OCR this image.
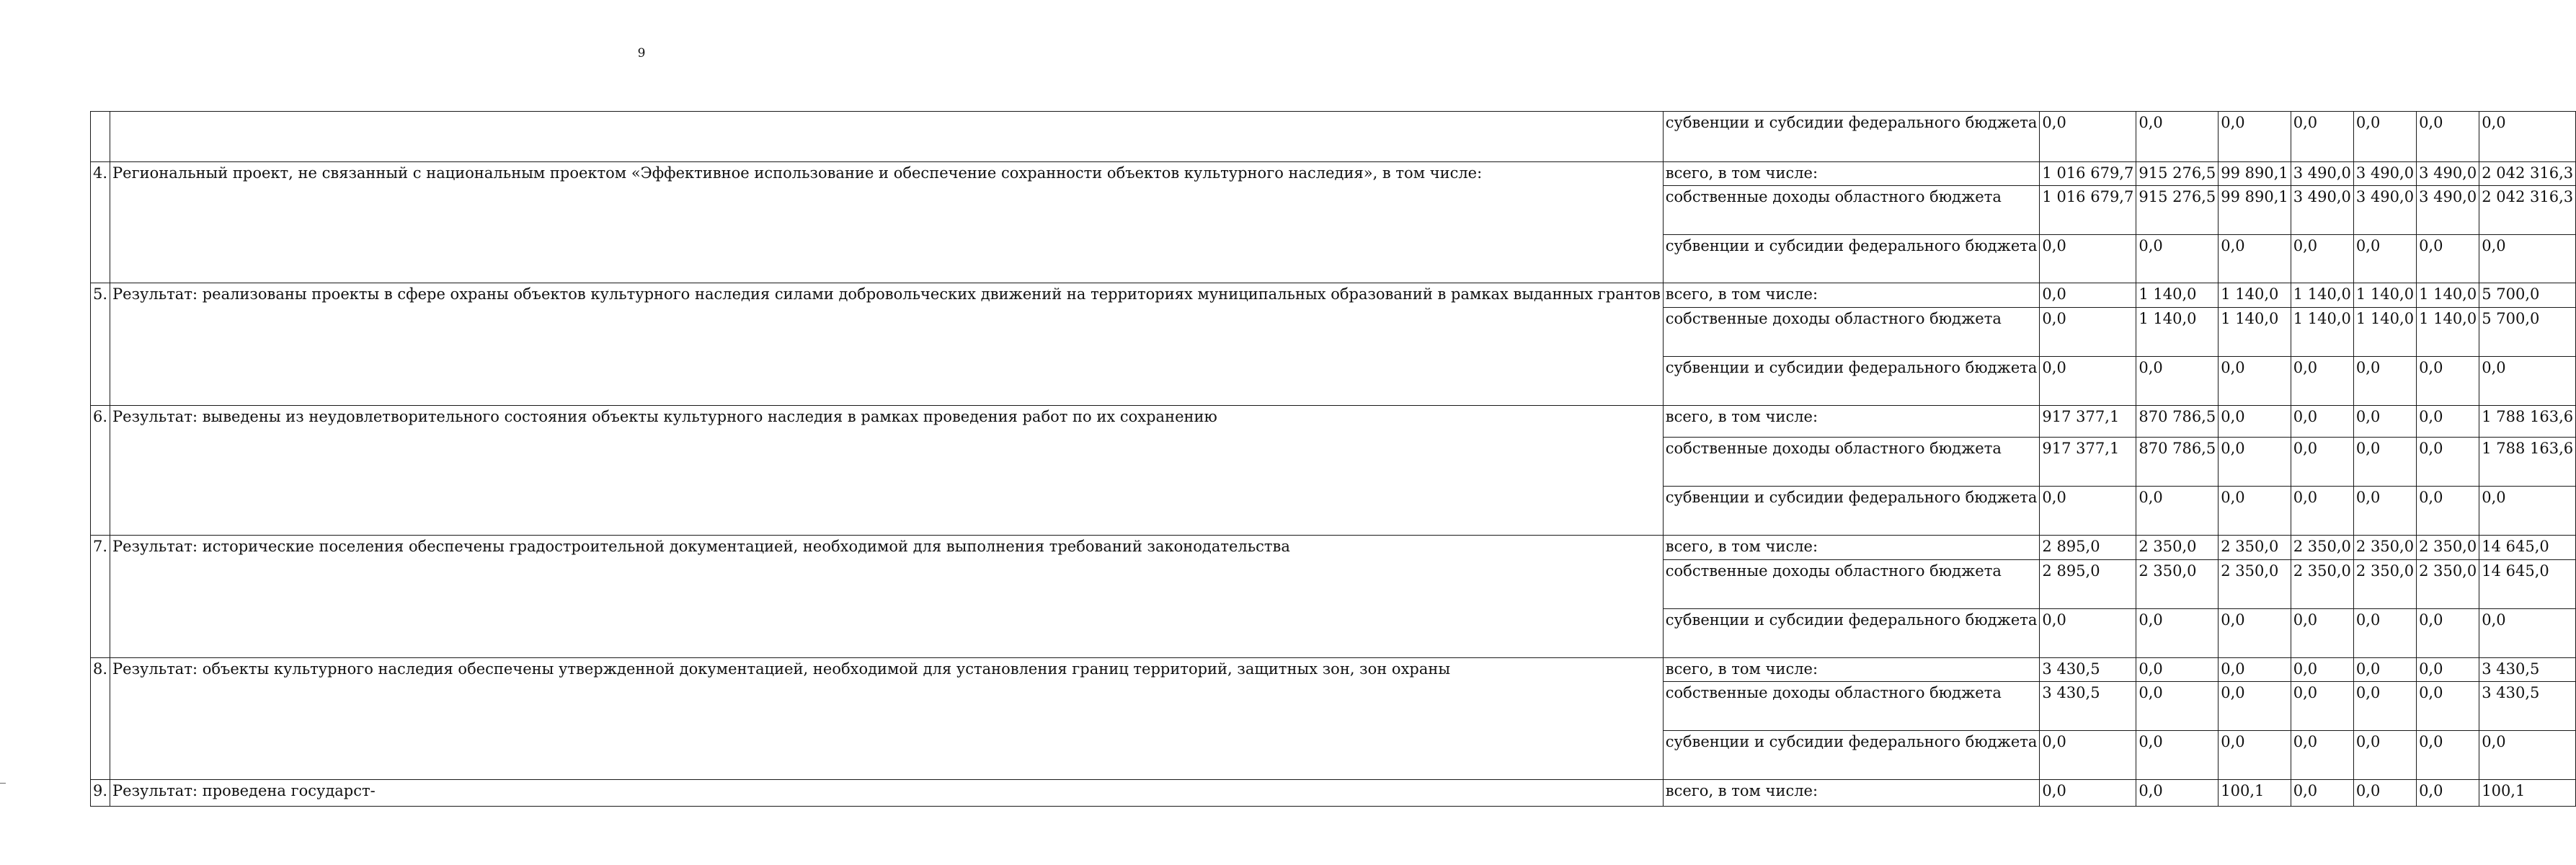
9
		субвенции и субсидии федерального бюджета	0,0	0,0	0,0	0,0	0,0	0,0	0,0
4.	Региональный проект, не связанный с национальным проектом «Эффективное использование и обеспечение сохранности объектов культурного наследия», в том числе:	всего, в том числе:	1 016 679,7	915 276,5	99 890,1	3 490,0	3 490,0	3 490,0	2 042 316,3
		собственные доходы областного бюджета	1 016 679,7	915 276,5	99 890,1	3 490,0	3 490,0	3 490,0	2 042 316,3
		субвенции и субсидии федерального бюджета	0,0	0,0	0,0	0,0	0,0	0,0	0,0
5.	Результат: реализованы проекты в сфере охраны объектов культурного наследия силами добровольческих движений на территориях муниципальных образований в рамках выданных грантов	всего, в том числе:	0,0	1 140,0	1 140,0	1 140,0	1 140,0	1 140,0	5 700,0
		собственные доходы областного бюджета	0,0	1 140,0	1 140,0	1 140,0	1 140,0	1 140,0	5 700,0
		субвенции и субсидии федерального бюджета	0,0	0,0	0,0	0,0	0,0	0,0	0,0
6.	Результат: выведены из неудовлетворительного состояния объекты культурного наследия в рамках проведения работ по их сохранению	всего, в том числе:	917 377,1	870 786,5	0,0	0,0	0,0	0,0	1 788 163,6
		собственные доходы областного бюджета	917 377,1	870 786,5	0,0	0,0	0,0	0,0	1 788 163,6
		субвенции и субсидии федерального бюджета	0,0	0,0	0,0	0,0	0,0	0,0	0,0
7.	Результат: исторические поселения обеспечены градостроительной документацией, необходимой для выполнения требований законодательства	всего, в том числе:	2 895,0	2 350,0	2 350,0	2 350,0	2 350,0	2 350,0	14 645,0
		собственные доходы областного бюджета	2 895,0	2 350,0	2 350,0	2 350,0	2 350,0	2 350,0	14 645,0
		субвенции и субсидии федерального бюджета	0,0	0,0	0,0	0,0	0,0	0,0	0,0
8.	Результат: объекты культурного наследия обеспечены утвержденной документацией, необходимой для установления границ территорий, защитных зон, зон охраны	всего, в том числе:	3 430,5	0,0	0,0	0,0	0,0	0,0	3 430,5
		собственные доходы областного бюджета	3 430,5	0,0	0,0	0,0	0,0	0,0	3 430,5
		субвенции и субсидии федерального бюджета	0,0	0,0	0,0	0,0	0,0	0,0	0,0
9.	Результат: проведена государст-	всего, в том числе:	0,0	0,0	100,1	0,0	0,0	0,0	100,1
